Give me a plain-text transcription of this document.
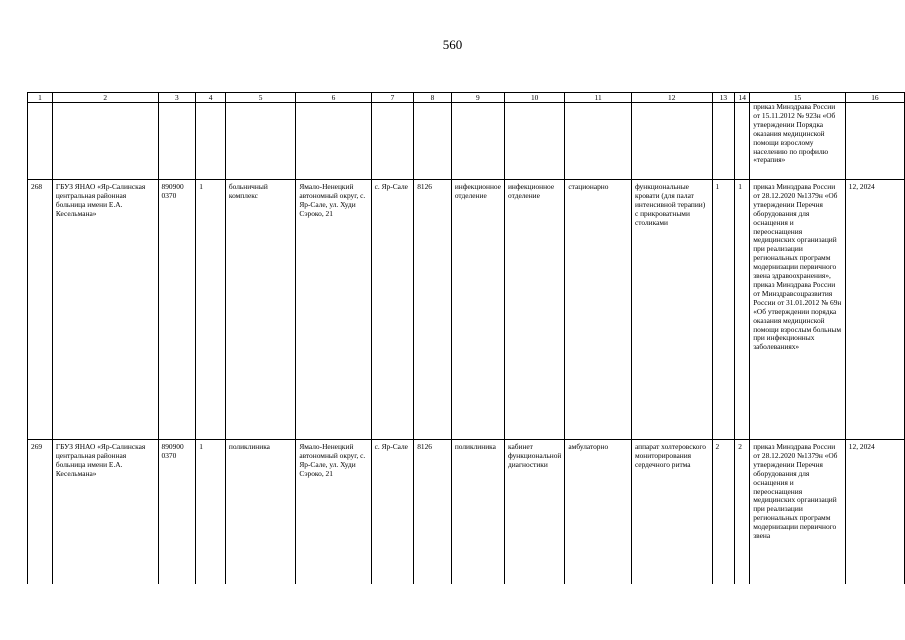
560
1	2	3	4	5	6	7	8	9	10	11	12	13	14	15	16
														приказ Минздрава России от 15.11.2012 № 923н «Об утверждении Порядка оказания медицинской помощи взрослому населению по профилю «терапия»	
268	ГБУЗ ЯНАО «Яр-Салинская центральная районная больница имени Е.А. Кесельмана»	890900 0370	1	больничный комплекс	Ямало-Ненецкий автономный округ, с. Яр-Сале, ул. Худи Сэроко, 21	с. Яр-Сале	8126	инфекционное отделение	инфекционное отделение	стационарно	функциональные кровати (для палат интенсивной терапии) с прикроватными столиками	1	1	приказ Минздрава России от 28.12.2020 №1379н «Об утверждении Перечня оборудования для оснащения и переоснащения медицинских организаций при реализации региональных программ модернизации первичного звена здравоохранения», приказ Минздрава России от Минздравсоцразвития России от 31.01.2012 № 69н «Об утверждении порядка оказания медицинской помощи взрослым больным при инфекционных заболеваниях»	12, 2024
269	ГБУЗ ЯНАО «Яр-Салинская центральная районная больница имени Е.А. Кесельмана»	890900 0370	1	поликлиника	Ямало-Ненецкий автономный округ, с. Яр-Сале, ул. Худи Сэроко, 21	с. Яр-Сале	8126	поликлиника	кабинет функциональной диагностики	амбулаторно	аппарат холтеровского мониторирования сердечного ритма	2	2	приказ Минздрава России от 28.12.2020 №1379н «Об утверждении Перечня оборудования для оснащения и переоснащения медицинских организаций при реализации региональных программ модернизации первичного звена	12, 2024
